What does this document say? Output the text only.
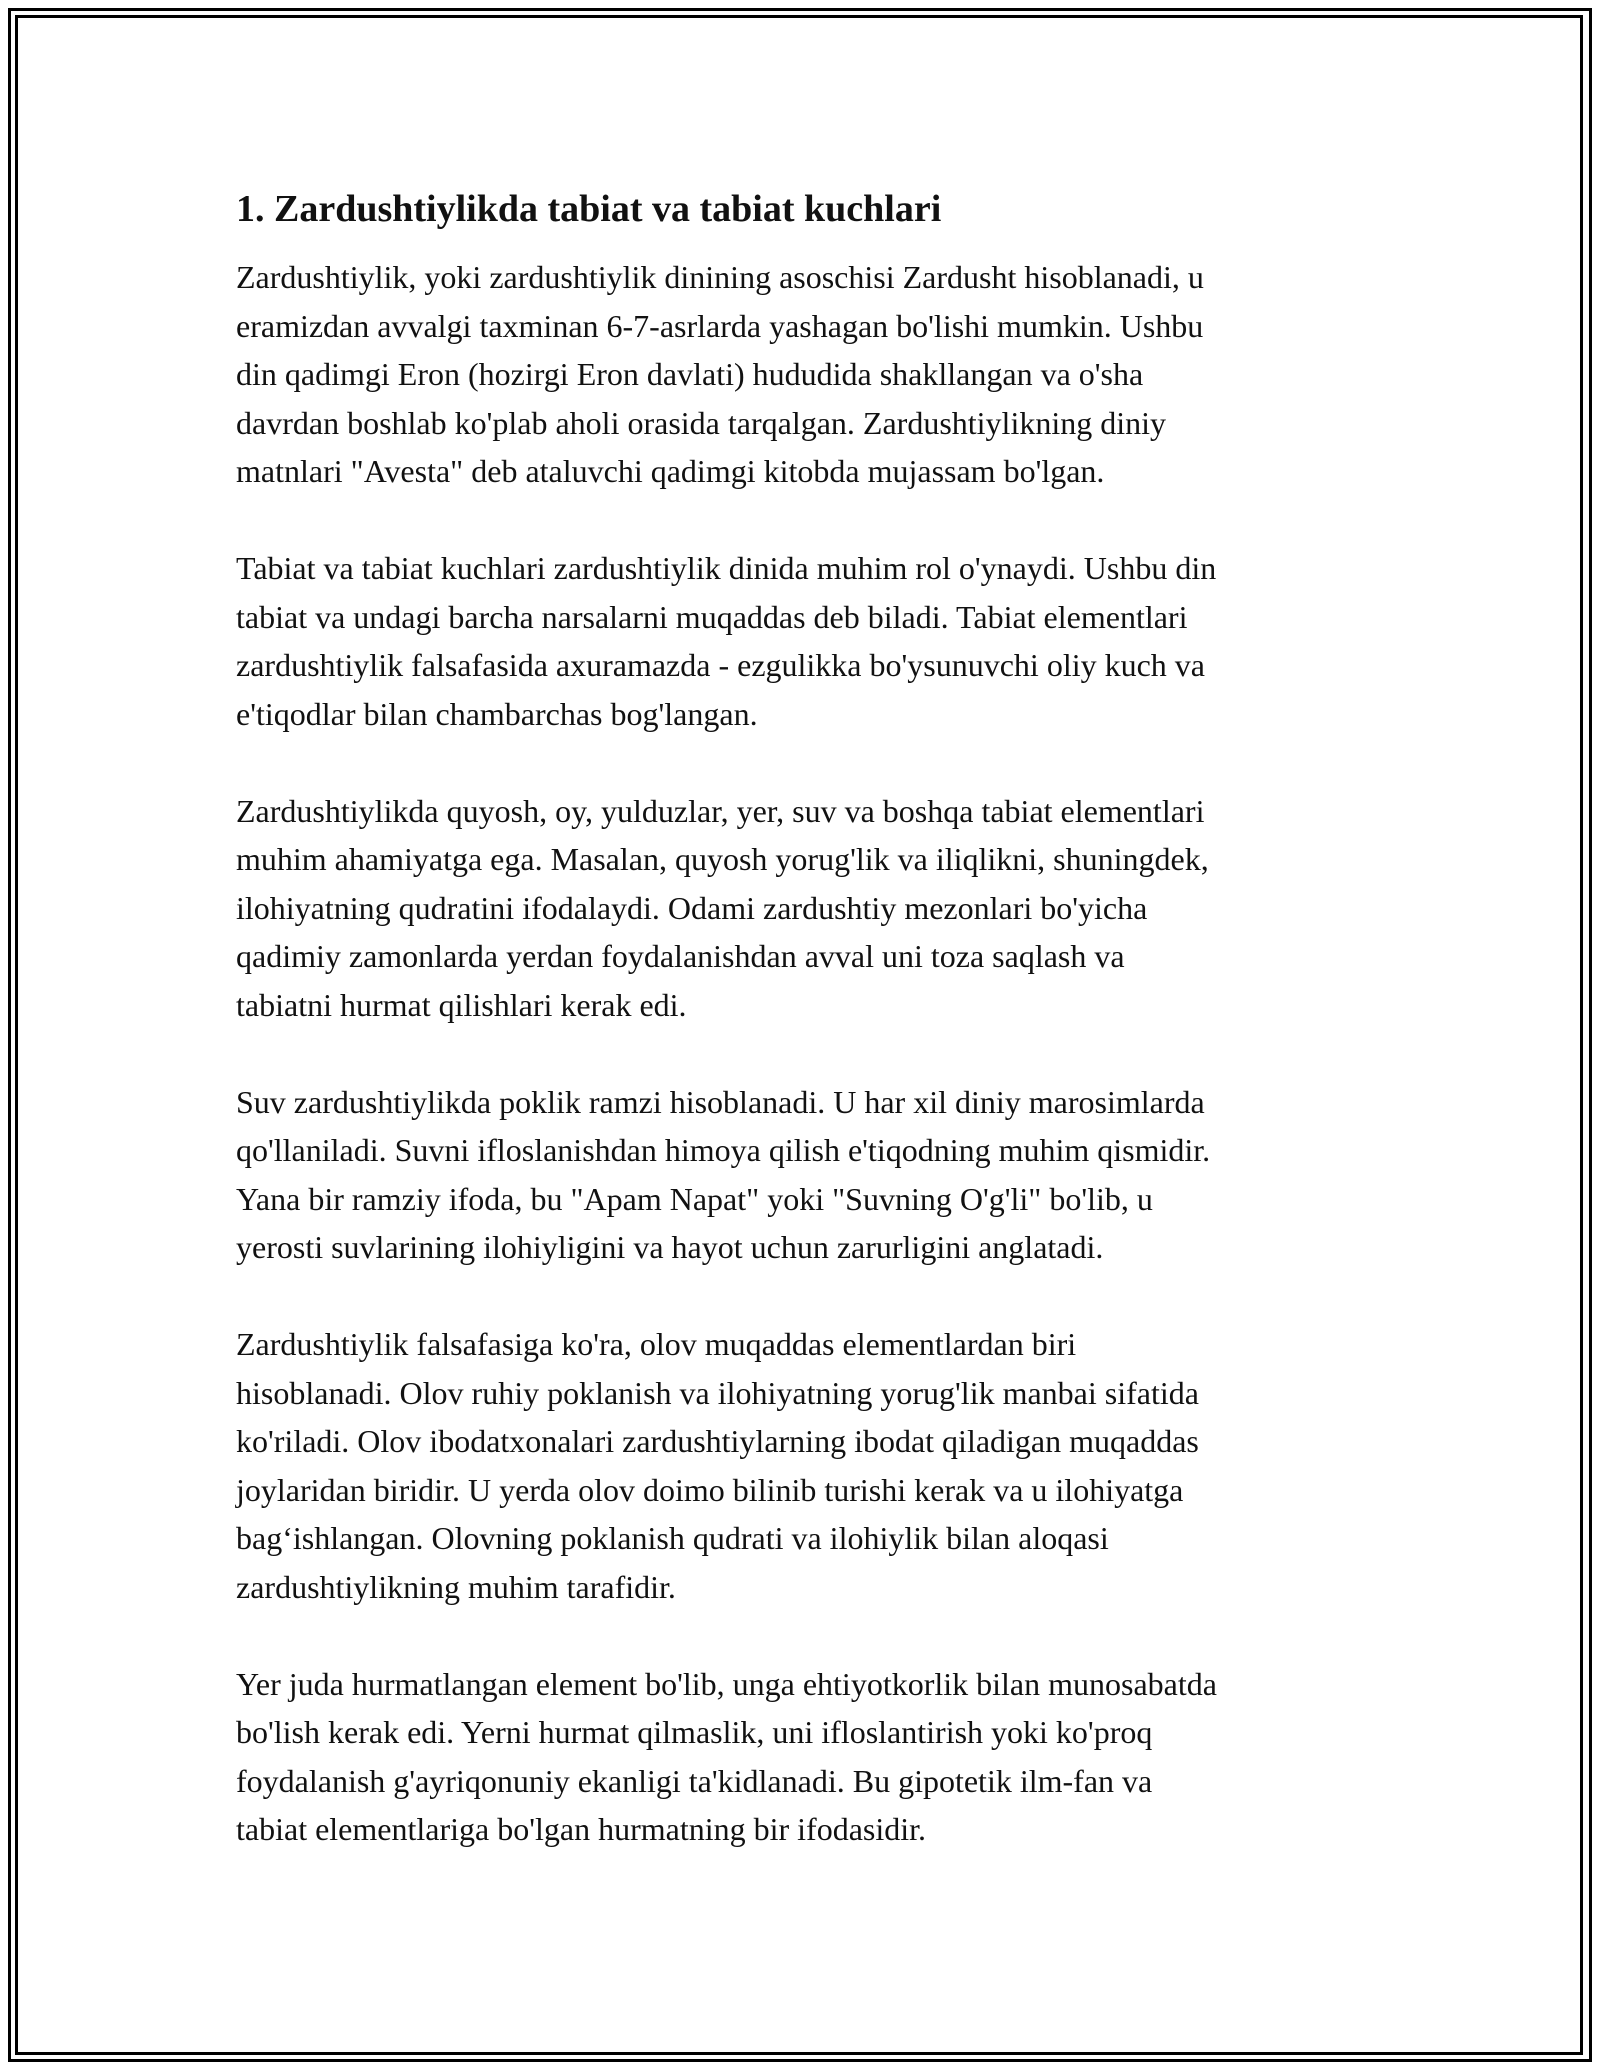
1. Zardushtiylikda tabiat va tabiat kuchlari

Zardushtiylik, yoki zardushtiylik dinining asoschisi Zardusht hisoblanadi, u
eramizdan avvalgi taxminan 6-7-asrlarda yashagan bo'lishi mumkin. Ushbu
din qadimgi Eron (hozirgi Eron davlati) hududida shakllangan va o'sha
davrdan boshlab ko'plab aholi orasida tarqalgan. Zardushtiylikning diniy
matnlari "Avesta" deb ataluvchi qadimgi kitobda mujassam bo'lgan.

Tabiat va tabiat kuchlari zardushtiylik dinida muhim rol o'ynaydi. Ushbu din
tabiat va undagi barcha narsalarni muqaddas deb biladi. Tabiat elementlari
zardushtiylik falsafasida axuramazda - ezgulikka bo'ysunuvchi oliy kuch va
e'tiqodlar bilan chambarchas bog'langan.

Zardushtiylikda quyosh, oy, yulduzlar, yer, suv va boshqa tabiat elementlari
muhim ahamiyatga ega. Masalan, quyosh yorug'lik va iliqlikni, shuningdek,
ilohiyatning qudratini ifodalaydi. Odami zardushtiy mezonlari bo'yicha
qadimiy zamonlarda yerdan foydalanishdan avval uni toza saqlash va
tabiatni hurmat qilishlari kerak edi.

Suv zardushtiylikda poklik ramzi hisoblanadi. U har xil diniy marosimlarda
qo'llaniladi. Suvni ifloslanishdan himoya qilish e'tiqodning muhim qismidir.
Yana bir ramziy ifoda, bu "Apam Napat" yoki "Suvning O'g'li" bo'lib, u
yerosti suvlarining ilohiyligini va hayot uchun zarurligini anglatadi.

Zardushtiylik falsafasiga ko'ra, olov muqaddas elementlardan biri
hisoblanadi. Olov ruhiy poklanish va ilohiyatning yorug'lik manbai sifatida
ko'riladi. Olov ibodatxonalari zardushtiylarning ibodat qiladigan muqaddas
joylaridan biridir. U yerda olov doimo bilinib turishi kerak va u ilohiyatga
bag‘ishlangan. Olovning poklanish qudrati va ilohiylik bilan aloqasi
zardushtiylikning muhim tarafidir.

Yer juda hurmatlangan element bo'lib, unga ehtiyotkorlik bilan munosabatda
bo'lish kerak edi. Yerni hurmat qilmaslik, uni ifloslantirish yoki ko'proq
foydalanish g'ayriqonuniy ekanligi ta'kidlanadi. Bu gipotetik ilm-fan va
tabiat elementlariga bo'lgan hurmatning bir ifodasidir.
